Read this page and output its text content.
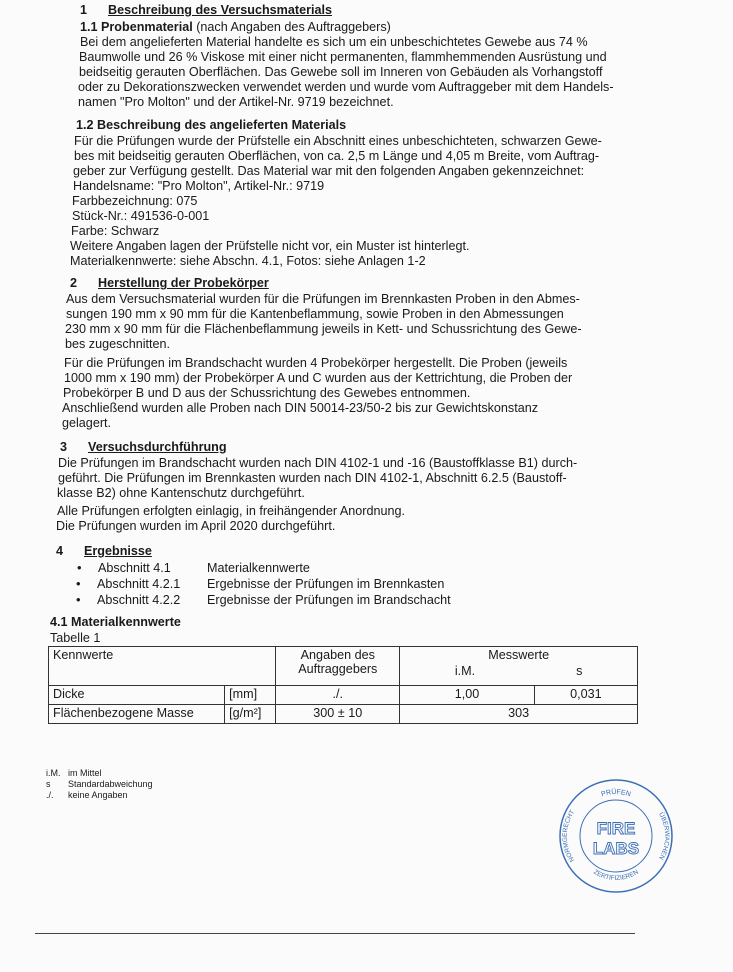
1 Beschreibung des Versuchsmaterials
1.1 Probenmaterial (nach Angaben des Auftraggebers)
Bei dem angelieferten Material handelte es sich um ein unbeschichtetes Gewebe aus 74 %
Baumwolle und 26 % Viskose mit einer nicht permanenten, flammhemmenden Ausrüstung und
beidseitig gerauten Oberflächen. Das Gewebe soll im Inneren von Gebäuden als Vorhangstoff
oder zu Dekorationszwecken verwendet werden und wurde vom Auftraggeber mit dem Handels-
namen "Pro Molton" und der Artikel-Nr. 9719 bezeichnet.
1.2 Beschreibung des angelieferten Materials
Für die Prüfungen wurde der Prüfstelle ein Abschnitt eines unbeschichteten, schwarzen Gewe-
bes mit beidseitig gerauten Oberflächen, von ca. 2,5 m Länge und 4,05 m Breite, vom Auftrag-
geber zur Verfügung gestellt. Das Material war mit den folgenden Angaben gekennzeichnet:
Handelsname: "Pro Molton", Artikel-Nr.: 9719
Farbbezeichnung: 075
Stück-Nr.: 491536-0-001
Farbe: Schwarz
Weitere Angaben lagen der Prüfstelle nicht vor, ein Muster ist hinterlegt.
Materialkennwerte: siehe Abschn. 4.1, Fotos: siehe Anlagen 1-2
2 Herstellung der Probekörper
Aus dem Versuchsmaterial wurden für die Prüfungen im Brennkasten Proben in den Abmes-
sungen 190 mm x 90 mm für die Kantenbeflammung, sowie Proben in den Abmessungen
230 mm x 90 mm für die Flächenbeflammung jeweils in Kett- und Schussrichtung des Gewe-
bes zugeschnitten.
Für die Prüfungen im Brandschacht wurden 4 Probekörper hergestellt. Die Proben (jeweils
1000 mm x 190 mm) der Probekörper A und C wurden aus der Kettrichtung, die Proben der
Probekörper B und D aus der Schussrichtung des Gewebes entnommen.
Anschließend wurden alle Proben nach DIN 50014-23/50-2 bis zur Gewichtskonstanz
gelagert.
3 Versuchsdurchführung
Die Prüfungen im Brandschacht wurden nach DIN 4102-1 und -16 (Baustoffklasse B1) durch-
geführt. Die Prüfungen im Brennkasten wurden nach DIN 4102-1, Abschnitt 6.2.5 (Baustoff-
klasse B2) ohne Kantenschutz durchgeführt.
Alle Prüfungen erfolgten einlagig, in freihängender Anordnung.
Die Prüfungen wurden im April 2020 durchgeführt.
4 Ergebnisse
• Abschnitt 4.1	Materialkennwerte
• Abschnitt 4.2.1 Ergebnisse der Prüfungen im Brennkasten
• Abschnitt 4.2.2 Ergebnisse der Prüfungen im Brandschacht
4.1 Materialkennwerte
Tabelle 1
Kennwerte		Angaben des Auftraggebers	Messwerte
i.M. s	

Dicke	[mm]	./.	1,00	0,031
Flächenbezogene Masse	[g/m²]	300 ± 10	303	
i.M. im Mittel
s Standardabweichung
./. keine Angaben	PRÜFEN
NORMGERECHT	ÜBERWACHEN
ZERTIFIZIEREN
FIRE
LABS
